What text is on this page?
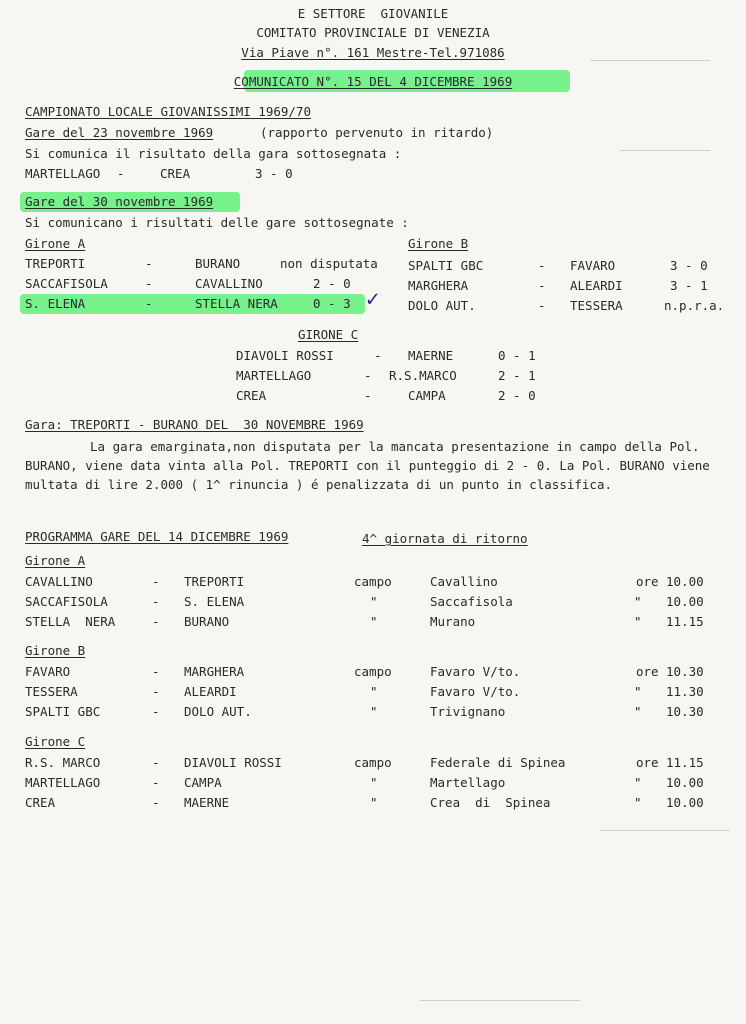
E SETTORE  GIOVANILE
COMITATO PROVINCIALE DI VENEZIA
Via Piave n°. 161 Mestre-Tel.971086
COMUNICATO N°. 15 DEL 4 DICEMBRE 1969
CAMPIONATO LOCALE GIOVANISSIMI 1969/70
Gare del 23 novembre 1969	(rapporto pervenuto in ritardo)
Si comunica il risultato della gara sottosegnata :
MARTELLAGO -	CREA	3 - 0
Gare del 30 novembre 1969
Si comunicano i risultati delle gare sottosegnate :
Girone A	Girone B
TREPORTI	-	BURANO	non disputata
SACCAFISOLA	-	CAVALLINO	2 - 0
S. ELENA	-	STELLA NERA	0 - 3 ✓
SPALTI GBC	- FAVARO	3 - 0
MARGHERA	- ALEARDI	3 - 1
DOLO AUT.	- TESSERA	n.p.r.a.
GIRONE C
DIAVOLI ROSSI	- MAERNE	0 - 1
MARTELLAGO	- R.S.MARCO	2 - 1
CREA	-	CAMPA	2 - 0
Gara: TREPORTI - BURANO DEL  30 NOVEMBRE 1969
La gara emarginata,non disputata per la mancata presentazione in campo della Pol. BURANO, viene data vinta alla Pol. TREPORTI con il punteggio di 2 - 0. La Pol. BURANO viene multata di lire 2.000 ( 1^ rinuncia ) é penalizzata di un punto in classifica.
PROGRAMMA GARE DEL 14 DICEMBRE 1969	4^ giornata di ritorno
Girone A
CAVALLINO	- TREPORTI	campo	Cavallino	ore 10.00
SACCAFISOLA	- S. ELENA	"	Saccafisola	" 10.00
STELLA  NERA	- BURANO	"	Murano	" 11.15
Girone B
FAVARO	- MARGHERA	campo	Favaro V/to.	ore 10.30
TESSERA	- ALEARDI	"	Favaro V/to.	" 11.30
SPALTI GBC	- DOLO AUT.	"	Trivignano	" 10.30
Girone C
R.S. MARCO	- DIAVOLI ROSSI	campo	Federale di Spinea	ore 11.15
MARTELLAGO	- CAMPA	"	Martellago	" 10.00
CREA	- MAERNE	"	Crea  di  Spinea	" 10.00
